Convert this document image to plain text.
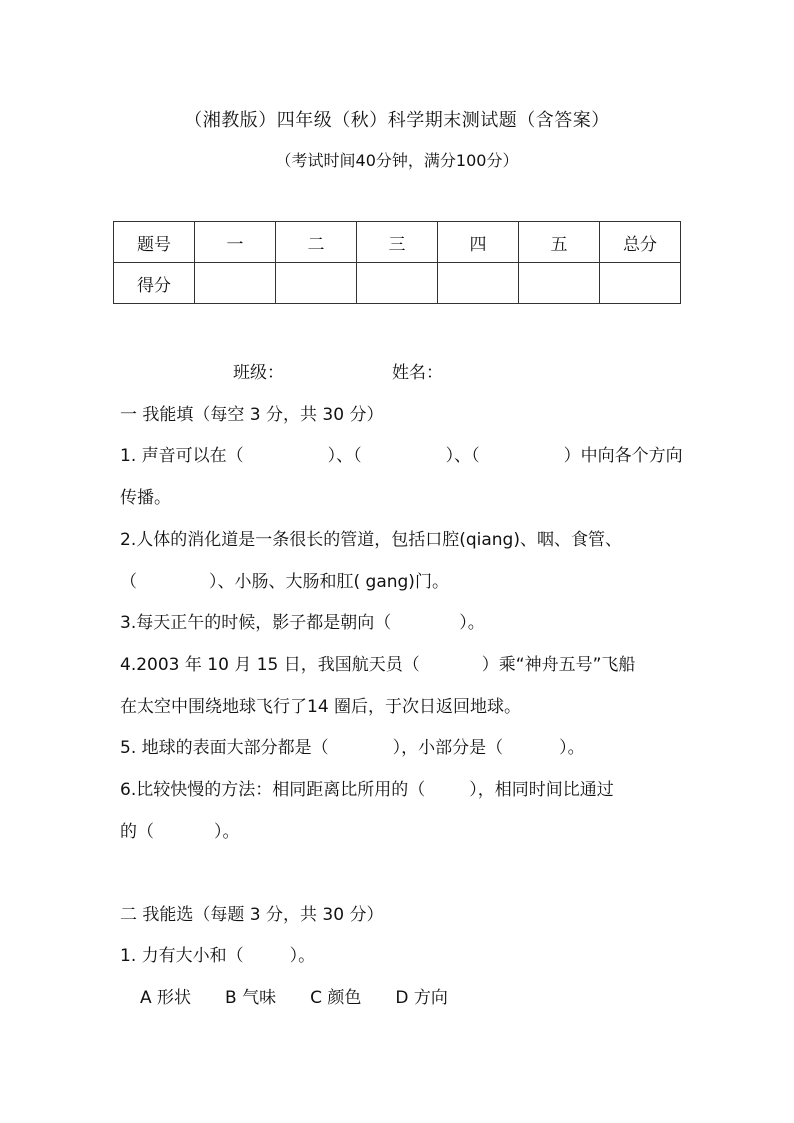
（湘教版）四年级（秋）科学期末测试题（含答案）
（考试时间40分钟，满分100分）
题号	一	二	三	四	五	总分
得分						
班级：	姓名：
一 我能填（每空 3 分，共 30 分）
1. 声音可以在（	）、（	）、（	）中向各个方向
传播。
2.人体的消化道是一条很长的管道，包括口腔(qiang)、咽、食管、
（	）、小肠、大肠和肛( gang)门。
3.每天正午的时候，影子都是朝向（	）。
4.2003 年 10 月 15 日，我国航天员（	）乘“神舟五号”飞船
在太空中围绕地球飞行了14 圈后，于次日返回地球。
5. 地球的表面大部分都是（	），小部分是（	）。
6.比较快慢的方法：相同距离比所用的（	），相同时间比通过
的（	）。
二 我能选（每题 3 分，共 30 分）
1. 力有大小和（	）。
A 形状 B 气味 C 颜色 D 方向
